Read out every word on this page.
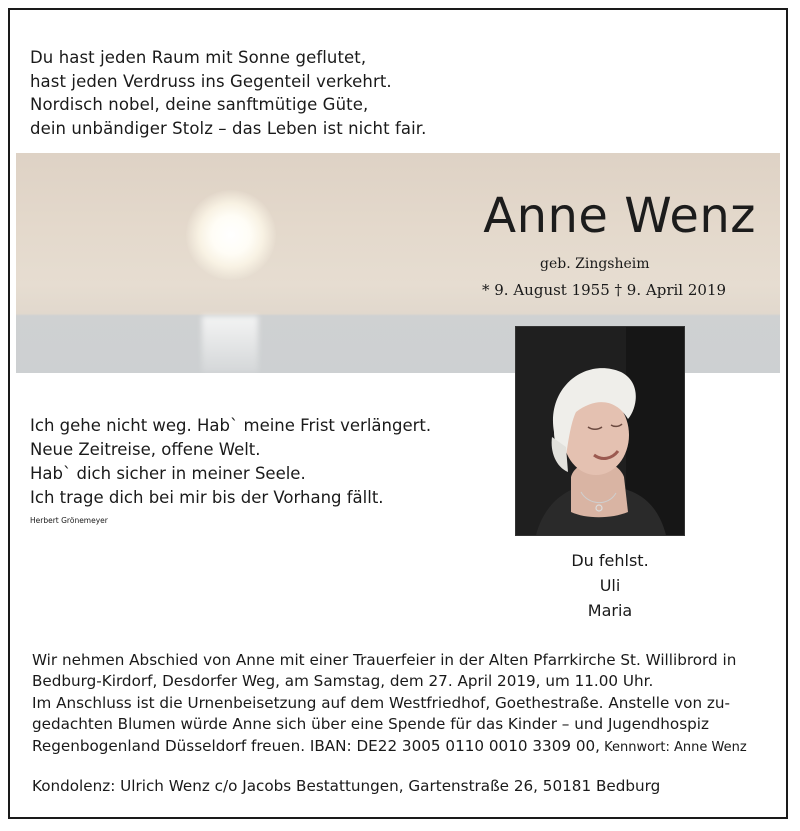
Du hast jeden Raum mit Sonne geflutet,
hast jeden Verdruss ins Gegenteil verkehrt.
Nordisch nobel, deine sanftmütige Güte,
dein unbändiger Stolz – das Leben ist nicht fair.
Anne Wenz
geb. Zingsheim
* 9. August 1955 † 9. April 2019
Ich gehe nicht weg. Hab` meine Frist verlängert.
Neue Zeitreise, offene Welt.
Hab` dich sicher in meiner Seele.
Ich trage dich bei mir bis der Vorhang fällt.
Herbert Grönemeyer
Du fehlst.
Uli
Maria
Wir nehmen Abschied von Anne mit einer Trauerfeier in der Alten Pfarrkirche St. Willibrord in
Bedburg-Kirdorf, Desdorfer Weg, am Samstag, dem 27. April 2019, um 11.00 Uhr.
Im Anschluss ist die Urnenbeisetzung auf dem Westfriedhof, Goethestraße. Anstelle von zu-
gedachten Blumen würde Anne sich über eine Spende für das Kinder – und Jugendhospiz
Regenbogenland Düsseldorf freuen. IBAN: DE22 3005 0110 0010 3309 00, Kennwort: Anne Wenz
Kondolenz: Ulrich Wenz c/o Jacobs Bestattungen, Gartenstraße 26, 50181 Bedburg
